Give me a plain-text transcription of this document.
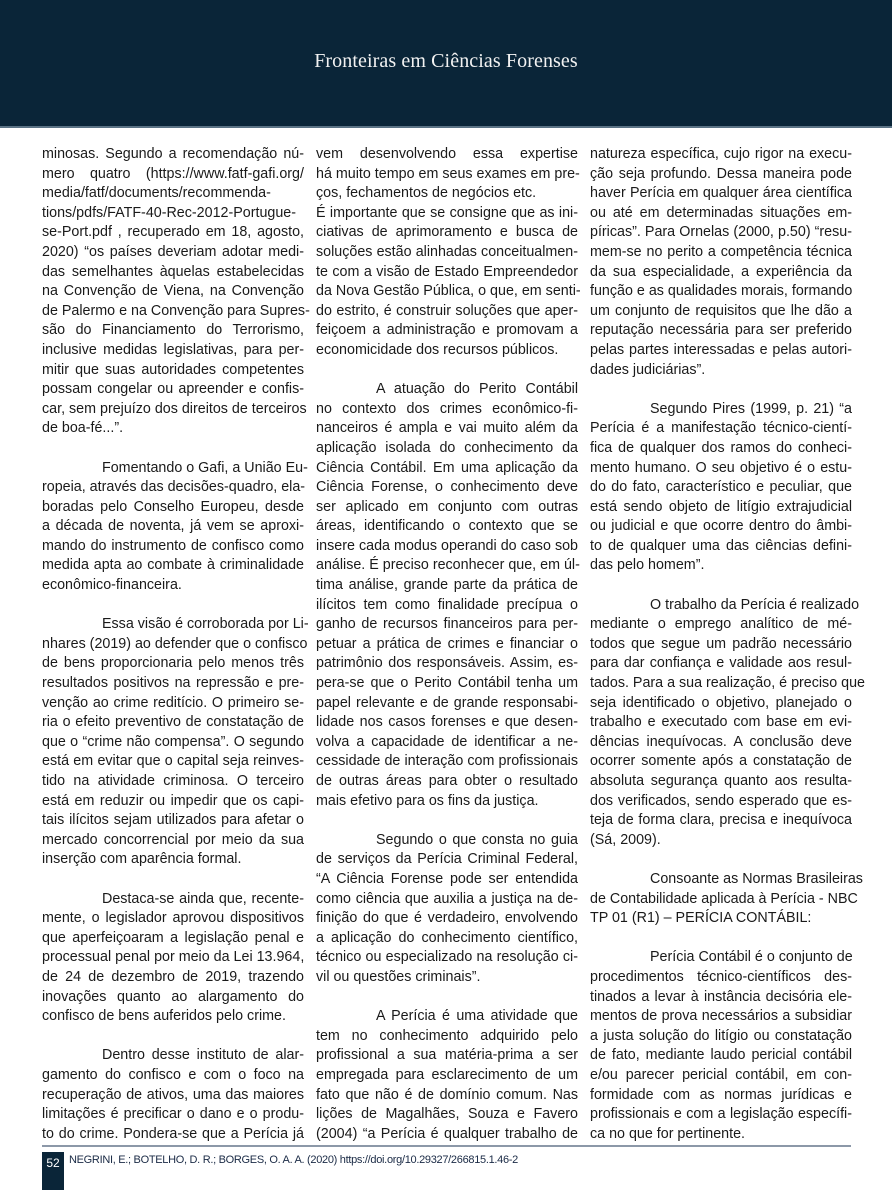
Fronteiras em Ciências Forenses
minosas. Segundo a recomendação nú-
mero quatro (https://www.fatf-gafi.org/
media/fatf/documents/recommenda-
tions/pdfs/FATF-40-Rec-2012-Portugue-
se-Port.pdf , recuperado em 18, agosto,
2020) “os países deveriam adotar medi-
das semelhantes àquelas estabelecidas
na Convenção de Viena, na Convenção
de Palermo e na Convenção para Supres-
são do Financiamento do Terrorismo,
inclusive medidas legislativas, para per-
mitir que suas autoridades competentes
possam congelar ou apreender e confis-
car, sem prejuízo dos direitos de terceiros
de boa-fé...”.
Fomentando o Gafi, a União Eu-
ropeia, através das decisões-quadro, ela-
boradas pelo Conselho Europeu, desde
a década de noventa, já vem se aproxi-
mando do instrumento de confisco como
medida apta ao combate à criminalidade
econômico-financeira.
Essa visão é corroborada por Li-
nhares (2019) ao defender que o confisco
de bens proporcionaria pelo menos três
resultados positivos na repressão e pre-
venção ao crime reditício. O primeiro se-
ria o efeito preventivo de constatação de
que o “crime não compensa”. O segundo
está em evitar que o capital seja reinves-
tido na atividade criminosa. O terceiro
está em reduzir ou impedir que os capi-
tais ilícitos sejam utilizados para afetar o
mercado concorrencial por meio da sua
inserção com aparência formal.
Destaca-se ainda que, recente-
mente, o legislador aprovou dispositivos
que aperfeiçoaram a legislação penal e
processual penal por meio da Lei 13.964,
de 24 de dezembro de 2019, trazendo
inovações quanto ao alargamento do
confisco de bens auferidos pelo crime.
Dentro desse instituto de alar-
gamento do confisco e com o foco na
recuperação de ativos, uma das maiores
limitações é precificar o dano e o produ-
to do crime. Pondera-se que a Perícia já
vem desenvolvendo essa expertise
há muito tempo em seus exames em pre-
ços, fechamentos de negócios etc.
É importante que se consigne que as ini-
ciativas de aprimoramento e busca de
soluções estão alinhadas conceitualmen-
te com a visão de Estado Empreendedor
da Nova Gestão Pública, o que, em senti-
do estrito, é construir soluções que aper-
feiçoem a administração e promovam a
economicidade dos recursos públicos.
A atuação do Perito Contábil
no contexto dos crimes econômico-fi-
nanceiros é ampla e vai muito além da
aplicação isolada do conhecimento da
Ciência Contábil. Em uma aplicação da
Ciência Forense, o conhecimento deve
ser aplicado em conjunto com outras
áreas, identificando o contexto que se
insere cada modus operandi do caso sob
análise. É preciso reconhecer que, em úl-
tima análise, grande parte da prática de
ilícitos tem como finalidade precípua o
ganho de recursos financeiros para per-
petuar a prática de crimes e financiar o
patrimônio dos responsáveis. Assim, es-
pera-se que o Perito Contábil tenha um
papel relevante e de grande responsabi-
lidade nos casos forenses e que desen-
volva a capacidade de identificar a ne-
cessidade de interação com profissionais
de outras áreas para obter o resultado
mais efetivo para os fins da justiça.
Segundo o que consta no guia
de serviços da Perícia Criminal Federal,
“A Ciência Forense pode ser entendida
como ciência que auxilia a justiça na de-
finição do que é verdadeiro, envolvendo
a aplicação do conhecimento científico,
técnico ou especializado na resolução ci-
vil ou questões criminais”.
A Perícia é uma atividade que
tem no conhecimento adquirido pelo
profissional a sua matéria-prima a ser
empregada para esclarecimento de um
fato que não é de domínio comum. Nas
lições de Magalhães, Souza e Favero
(2004) “a Perícia é qualquer trabalho de
natureza específica, cujo rigor na execu-
ção seja profundo. Dessa maneira pode
haver Perícia em qualquer área científica
ou até em determinadas situações em-
píricas”. Para Ornelas (2000, p.50) “resu-
mem-se no perito a competência técnica
da sua especialidade, a experiência da
função e as qualidades morais, formando
um conjunto de requisitos que lhe dão a
reputação necessária para ser preferido
pelas partes interessadas e pelas autori-
dades judiciárias”.
Segundo Pires (1999, p. 21) “a
Perícia é a manifestação técnico-cientí-
fica de qualquer dos ramos do conheci-
mento humano. O seu objetivo é o estu-
do do fato, característico e peculiar, que
está sendo objeto de litígio extrajudicial
ou judicial e que ocorre dentro do âmbi-
to de qualquer uma das ciências defini-
das pelo homem”.
O trabalho da Perícia é realizado
mediante o emprego analítico de mé-
todos que segue um padrão necessário
para dar confiança e validade aos resul-
tados. Para a sua realização, é preciso que
seja identificado o objetivo, planejado o
trabalho e executado com base em evi-
dências inequívocas. A conclusão deve
ocorrer somente após a constatação de
absoluta segurança quanto aos resulta-
dos verificados, sendo esperado que es-
teja de forma clara, precisa e inequívoca
(Sá, 2009).
Consoante as Normas Brasileiras
de Contabilidade aplicada à Perícia - NBC
TP 01 (R1) – PERÍCIA CONTÁBIL:
Perícia Contábil é o conjunto de
procedimentos técnico-científicos des-
tinados a levar à instância decisória ele-
mentos de prova necessários a subsidiar
a justa solução do litígio ou constatação
de fato, mediante laudo pericial contábil
e/ou parecer pericial contábil, em con-
formidade com as normas jurídicas e
profissionais e com a legislação específi-
ca no que for pertinente.
52 NEGRINI, E.; BOTELHO, D. R.; BORGES, O. A. A. (2020) https://doi.org/10.29327/266815.1.46-2
